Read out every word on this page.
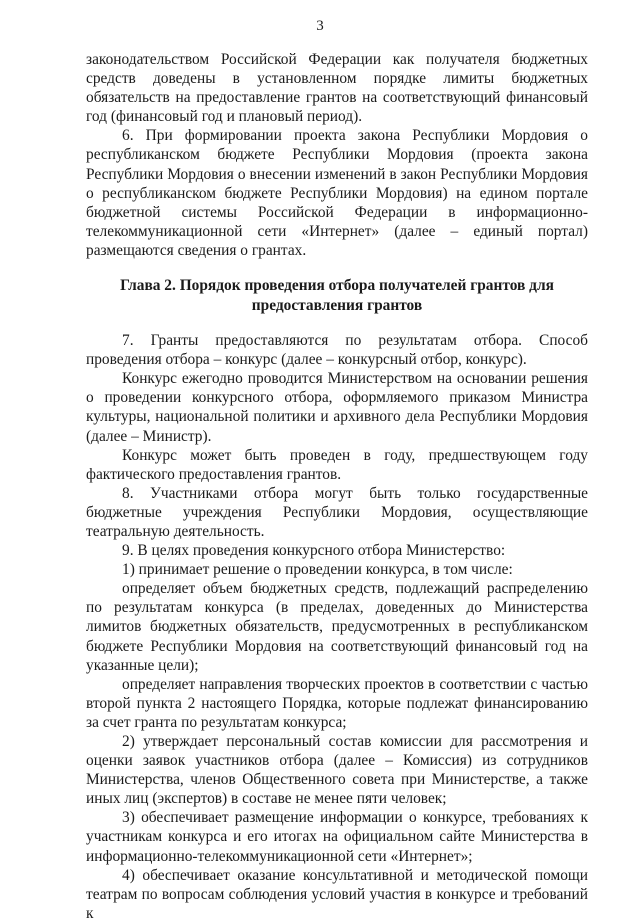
3

законодательством Российской Федерации как получателя бюджетных средств доведены в установленном порядке лимиты бюджетных обязательств на предоставление грантов на соответствующий финансовый год (финансовый год и плановый период).

6. При формировании проекта закона Республики Мордовия о республиканском бюджете Республики Мордовия (проекта закона Республики Мордовия о внесении изменений в закон Республики Мордовия о республиканском бюджете Республики Мордовия) на едином портале бюджетной системы Российской Федерации в информационно-телекоммуникационной сети «Интернет» (далее – единый портал) размещаются сведения о грантах.

Глава 2. Порядок проведения отбора получателей грантов для
предоставления грантов

7. Гранты предоставляются по результатам отбора. Способ проведения отбора – конкурс (далее – конкурсный отбор, конкурс).

Конкурс ежегодно проводится Министерством на основании решения о проведении конкурсного отбора, оформляемого приказом Министра культуры, национальной политики и архивного дела Республики Мордовия (далее – Министр).

Конкурс может быть проведен в году, предшествующем году фактического предоставления грантов.

8. Участниками отбора могут быть только государственные бюджетные учреждения Республики Мордовия, осуществляющие театральную деятельность.

9. В целях проведения конкурсного отбора Министерство:

1) принимает решение о проведении конкурса, в том числе:

определяет объем бюджетных средств, подлежащий распределению по результатам конкурса (в пределах, доведенных до Министерства лимитов бюджетных обязательств, предусмотренных в республиканском бюджете Республики Мордовия на соответствующий финансовый год на указанные цели);

определяет направления творческих проектов в соответствии с частью второй пункта 2 настоящего Порядка, которые подлежат финансированию за счет гранта по результатам конкурса;

2) утверждает персональный состав комиссии для рассмотрения и оценки заявок участников отбора (далее – Комиссия) из сотрудников Министерства, членов Общественного совета при Министерстве, а также иных лиц (экспертов) в составе не менее пяти человек;

3) обеспечивает размещение информации о конкурсе, требованиях к участникам конкурса и его итогах на официальном сайте Министерства в информационно-телекоммуникационной сети «Интернет»;

4) обеспечивает оказание консультативной и методической помощи театрам по вопросам соблюдения условий участия в конкурсе и требований к
